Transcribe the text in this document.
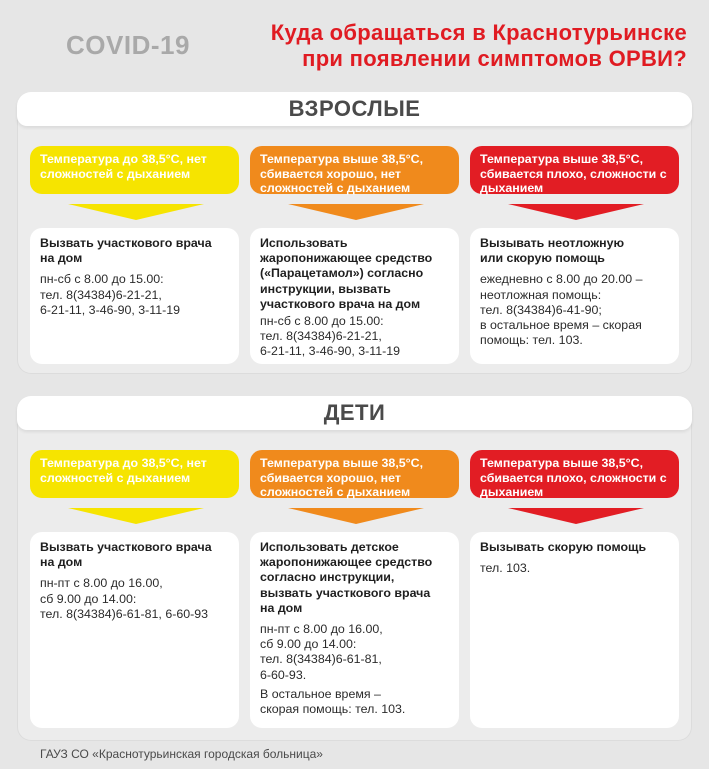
COVID-19	Куда обращаться в Краснотурьинске
при появлении симптомов ОРВИ?
ВЗРОСЛЫЕ
Температура до 38,5°С, нет сложностей с дыханием
Вызвать участкового врача
на дом
пн-сб с 8.00 до 15.00:
тел. 8(34384)6-21-21,
6-21-11, 3-46-90, 3-11-19
Температура выше 38,5°С, сбивается хорошо, нет сложностей с дыханием
Использовать
жаропонижающее средство
(«Парацетамол») согласно
инструкции, вызвать
участкового врача на дом
пн-сб с 8.00 до 15.00:
тел. 8(34384)6-21-21,
6-21-11, 3-46-90, 3-11-19
Температура выше 38,5°С, сбивается плохо, сложности с дыханием
Вызывать неотложную
или скорую помощь
ежедневно с 8.00 до 20.00 –
неотложная помощь:
тел. 8(34384)6-41-90;
в остальное время – скорая
помощь: тел. 103.
ДЕТИ
Температура до 38,5°С, нет сложностей с дыханием
Вызвать участкового врача
на дом
пн-пт с 8.00 до 16.00,
сб 9.00 до 14.00:
тел. 8(34384)6-61-81, 6-60-93
Температура выше 38,5°С, сбивается хорошо, нет сложностей с дыханием
Использовать детское
жаропонижающее средство
согласно инструкции,
вызвать участкового врача
на дом
пн-пт с 8.00 до 16.00,
сб 9.00 до 14.00:
тел. 8(34384)6-61-81,
6-60-93.
В остальное время –
скорая помощь: тел. 103.
Температура выше 38,5°С, сбивается плохо, сложности с дыханием
Вызывать скорую помощь
тел. 103.
ГАУЗ СО «Краснотурьинская городская больница»
